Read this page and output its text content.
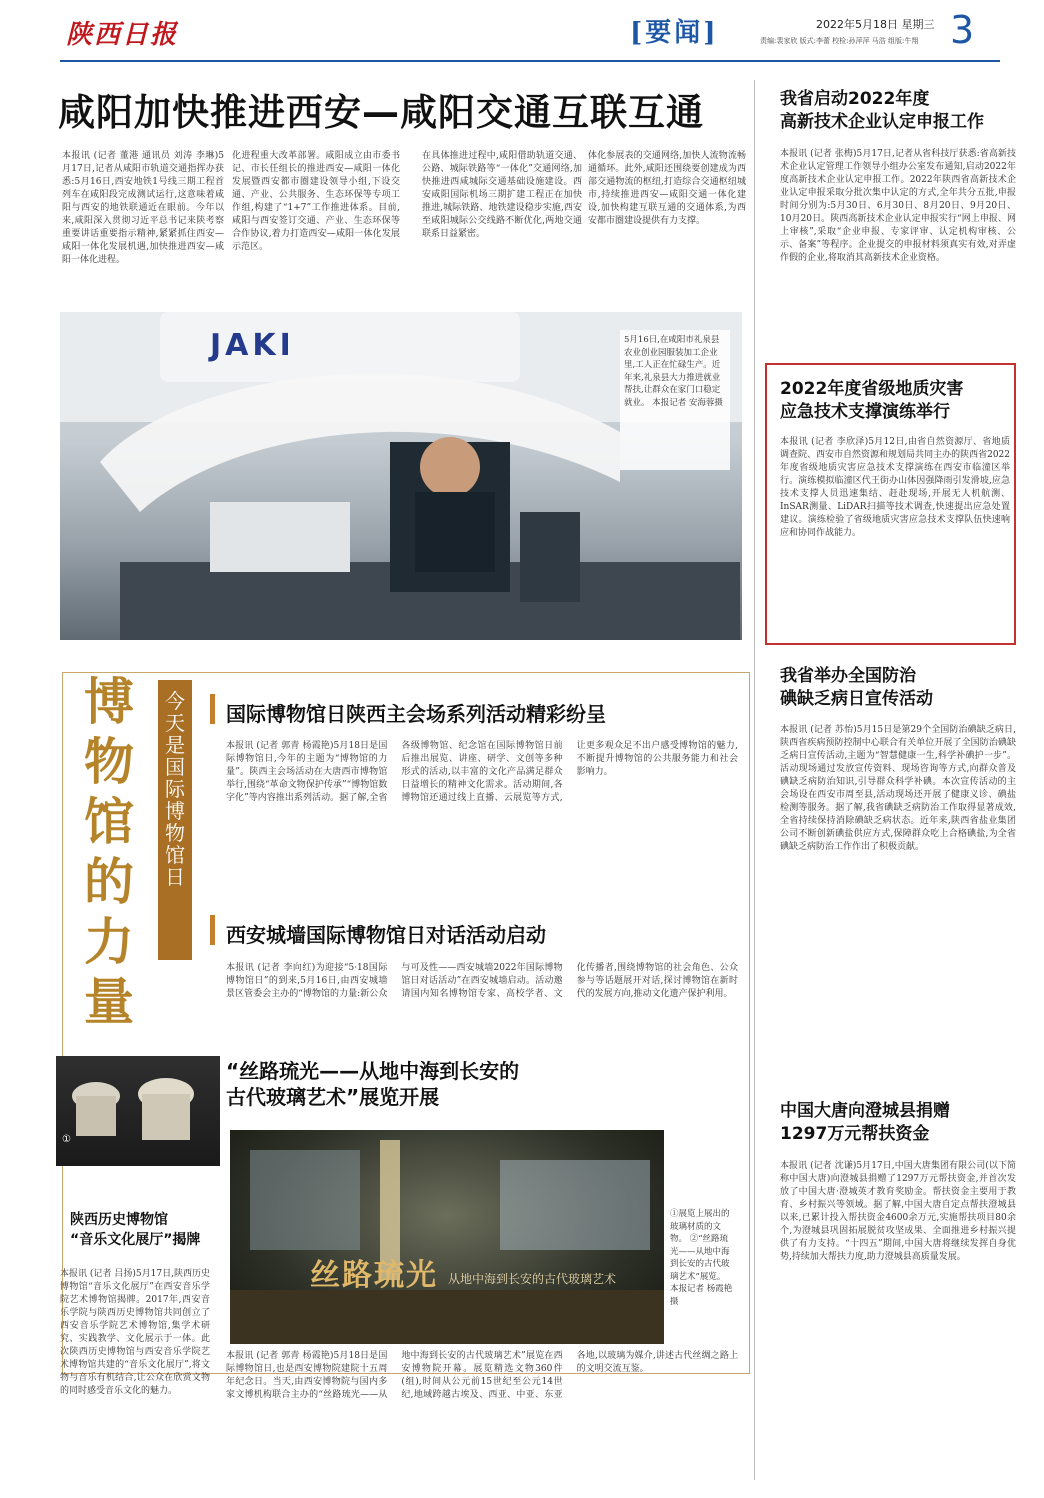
陕西日报	[要闻]	2022年5月18日 星期三
责编:裴家欣 版式:李蕾 校检:孙萍萍 马浩 组版:牛翔 3
咸阳加快推进西安—咸阳交通互联互通
本报讯 (记者 董港 通讯员 刘涛 李琳)5月17日,记者从咸阳市轨道交通指挥办获悉:5月16日,西安地铁1号线三期工程首列车在咸阳段完成测试运行,这意味着咸阳与西安的地铁联通近在眼前。今年以来,咸阳深入贯彻习近平总书记来陕考察重要讲话重要指示精神,紧紧抓住西安—咸阳一体化发展机遇,加快推进西安—咸阳一体化进程。
化进程重大改革部署。咸阳成立由市委书记、市长任组长的推进西安—咸阳一体化发展暨西安都市圈建设领导小组,下设交通、产业、公共服务、生态环保等专项工作组,构建了“1+7”工作推进体系。目前,咸阳与西安签订交通、产业、生态环保等合作协议,着力打造西安—咸阳一体化发展示范区。
在具体推进过程中,咸阳借助轨道交通、公路、城际铁路等“一体化”交通网络,加快推进西咸城际交通基础设施建设。西安咸阳国际机场三期扩建工程正在加快推进,城际铁路、地铁建设稳步实施,西安至咸阳城际公交线路不断优化,两地交通联系日益紧密。
体化参展表的交通网络,加快人流物流畅通循环。此外,咸阳还围绕要创建成为西部交通物流的枢纽,打造综合交通枢纽城市,持续推进西安—咸阳交通一体化建设,加快构建互联互通的交通体系,为西安都市圈建设提供有力支撑。
JAKI	5月16日,在咸阳市礼泉县农业创业园服装加工企业里,工人正在忙碌生产。近年来,礼泉县大力推进就业帮扶,让群众在家门口稳定就业。 本报记者 安海蓉摄
我省启动2022年度
高新技术企业认定申报工作
本报讯 (记者 张梅)5月17日,记者从省科技厅获悉:省高新技术企业认定管理工作领导小组办公室发布通知,启动2022年度高新技术企业认定申报工作。2022年陕西省高新技术企业认定申报采取分批次集中认定的方式,全年共分五批,申报时间分别为:5月30日、6月30日、8月20日、9月20日、10月20日。陕西高新技术企业认定申报实行“网上申报、网上审核”,采取“企业申报、专家评审、认定机构审核、公示、备案”等程序。企业提交的申报材料须真实有效,对弄虚作假的企业,将取消其高新技术企业资格。
2022年度省级地质灾害
应急技术支撑演练举行
本报讯 (记者 李欣泽)5月12日,由省自然资源厅、省地质调查院、西安市自然资源和规划局共同主办的陕西省2022年度省级地质灾害应急技术支撑演练在西安市临潼区举行。演练模拟临潼区代王街办山体因强降雨引发滑坡,应急技术支撑人员迅速集结、赶赴现场,开展无人机航测、InSAR测量、LiDAR扫描等技术调查,快速提出应急处置建议。演练检验了省级地质灾害应急技术支撑队伍快速响应和协同作战能力。
我省举办全国防治
碘缺乏病日宣传活动
本报讯 (记者 苏怡)5月15日是第29个全国防治碘缺乏病日,陕西省疾病预防控制中心联合有关单位开展了全国防治碘缺乏病日宣传活动,主题为“智慧健康一生,科学补碘护一步”。活动现场通过发放宣传资料、现场咨询等方式,向群众普及碘缺乏病防治知识,引导群众科学补碘。本次宣传活动的主会场设在西安市周至县,活动现场还开展了健康义诊、碘盐检测等服务。据了解,我省碘缺乏病防治工作取得显著成效,全省持续保持消除碘缺乏病状态。近年来,陕西省盐业集团公司不断创新碘盐供应方式,保障群众吃上合格碘盐,为全省碘缺乏病防治工作作出了积极贡献。
中国大唐向澄城县捐赠
1297万元帮扶资金
本报讯 (记者 沈谦)5月17日,中国大唐集团有限公司(以下简称中国大唐)向澄城县捐赠了1297万元帮扶资金,并首次发放了中国大唐·澄城英才教育奖励金。帮扶资金主要用于教育、乡村振兴等领域。据了解,中国大唐自定点帮扶澄城县以来,已累计投入帮扶资金4600余万元,实施帮扶项目80余个,为澄城县巩固拓展脱贫攻坚成果、全面推进乡村振兴提供了有力支持。“十四五”期间,中国大唐将继续发挥自身优势,持续加大帮扶力度,助力澄城县高质量发展。
博物馆的力量
今天是国际博物馆日
国际博物馆日陕西主会场系列活动精彩纷呈
本报讯 (记者 郭青 杨霞艳)5月18日是国际博物馆日,今年的主题为“博物馆的力量”。陕西主会场活动在大唐西市博物馆举行,围绕“革命文物保护传承”“博物馆数字化”等内容推出系列活动。据了解,全省各级博物馆、纪念馆在国际博物馆日前后推出展览、讲座、研学、文创等多种形式的活动,以丰富的文化产品满足群众日益增长的精神文化需求。活动期间,各博物馆还通过线上直播、云展览等方式,让更多观众足不出户感受博物馆的魅力,不断提升博物馆的公共服务能力和社会影响力。
西安城墙国际博物馆日对话活动启动
本报讯 (记者 李向红)为迎接“5·18国际博物馆日”的到来,5月16日,由西安城墙景区管委会主办的“博物馆的力量:新公众与可及性——西安城墙2022年国际博物馆日对话活动”在西安城墙启动。活动邀请国内知名博物馆专家、高校学者、文化传播者,围绕博物馆的社会角色、公众参与等话题展开对话,探讨博物馆在新时代的发展方向,推动文化遗产保护利用。
“丝路琉光——从地中海到长安的
古代玻璃艺术”展览开展
丝路琉光 从地中海到长安的古代玻璃艺术
①展览上展出的玻璃材质的文物。 ②“丝路琉光——从地中海到长安的古代玻璃艺术”展览。 本报记者 杨霞艳摄
本报讯 (记者 郭青 杨霞艳)5月18日是国际博物馆日,也是西安博物院建院十五周年纪念日。当天,由西安博物院与国内多家文博机构联合主办的“丝路琉光——从地中海到长安的古代玻璃艺术”展览在西安博物院开幕。展览精选文物360件(组),时间从公元前15世纪至公元14世纪,地域跨越古埃及、西亚、中亚、东亚各地,以玻璃为媒介,讲述古代丝绸之路上的文明交流互鉴。
①
陕西历史博物馆
“音乐文化展厅”揭牌
本报讯 (记者 吕扬)5月17日,陕西历史博物馆“音乐文化展厅”在西安音乐学院艺术博物馆揭牌。2017年,西安音乐学院与陕西历史博物馆共同创立了西安音乐学院艺术博物馆,集学术研究、实践教学、文化展示于一体。此次陕西历史博物馆与西安音乐学院艺术博物馆共建的“音乐文化展厅”,将文物与音乐有机结合,让公众在欣赏文物的同时感受音乐文化的魅力。
